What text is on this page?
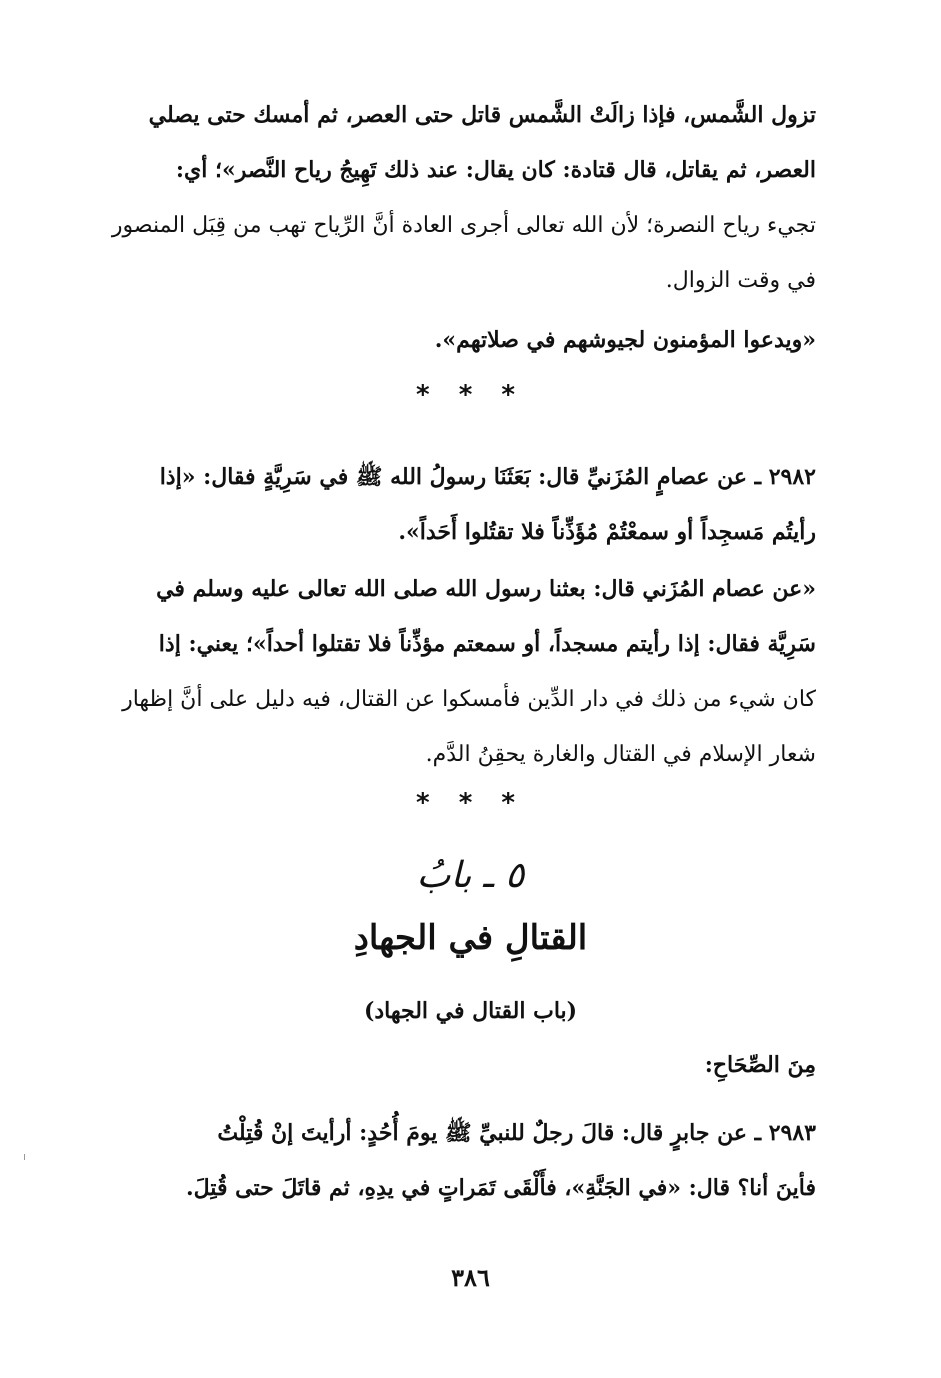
تزول الشَّمس، فإذا زالَتْ الشَّمس قاتل حتى العصر، ثم أمسك حتى يصلي
العصر، ثم يقاتل، قال قتادة: كان يقال: عند ذلك تَهِيجُ رياح النَّصر»؛ أي:
تجيء رياح النصرة؛ لأن الله تعالى أجرى العادة أنَّ الرِّياح تهب من قِبَل المنصور
في وقت الزوال.
«ويدعوا المؤمنون لجيوشهم في صلاتهم».
* * *
٢٩٨٢ ـ عن عصامٍ المُزَنيِّ قال: بَعَثَنَا رسولُ الله ﷺ في سَرِيَّةٍ فقال: «إذا
رأيتُم مَسجِداً أو سمعْتُمْ مُؤَذِّناً فلا تقتُلوا أَحَداً».
«عن عصام المُزَني قال: بعثنا رسول الله صلى الله تعالى عليه وسلم في
سَرِيَّة فقال: إذا رأيتم مسجداً، أو سمعتم مؤذِّناً فلا تقتلوا أحداً»؛ يعني: إذا
كان شيء من ذلك في دار الدِّين فأمسكوا عن القتال، فيه دليل على أنَّ إظهار
شعار الإسلام في القتال والغارة يحقِنُ الدَّم.
* * *
٥ ـ بابُ
القتالِ في الجهادِ
(باب القتال في الجهاد)
مِنَ الصِّحَاحِ:
٢٩٨٣ ـ عن جابرٍ قال: قالَ رجلٌ للنبيِّ ﷺ يومَ أُحُدٍ: أرأيتَ إنْ قُتِلْتُ
فأينَ أنا؟ قال: «في الجَنَّةِ»، فأَلْقَى تَمَراتٍ في يدِهِ، ثم قاتَلَ حتى قُتِلَ.
٣٨٦
